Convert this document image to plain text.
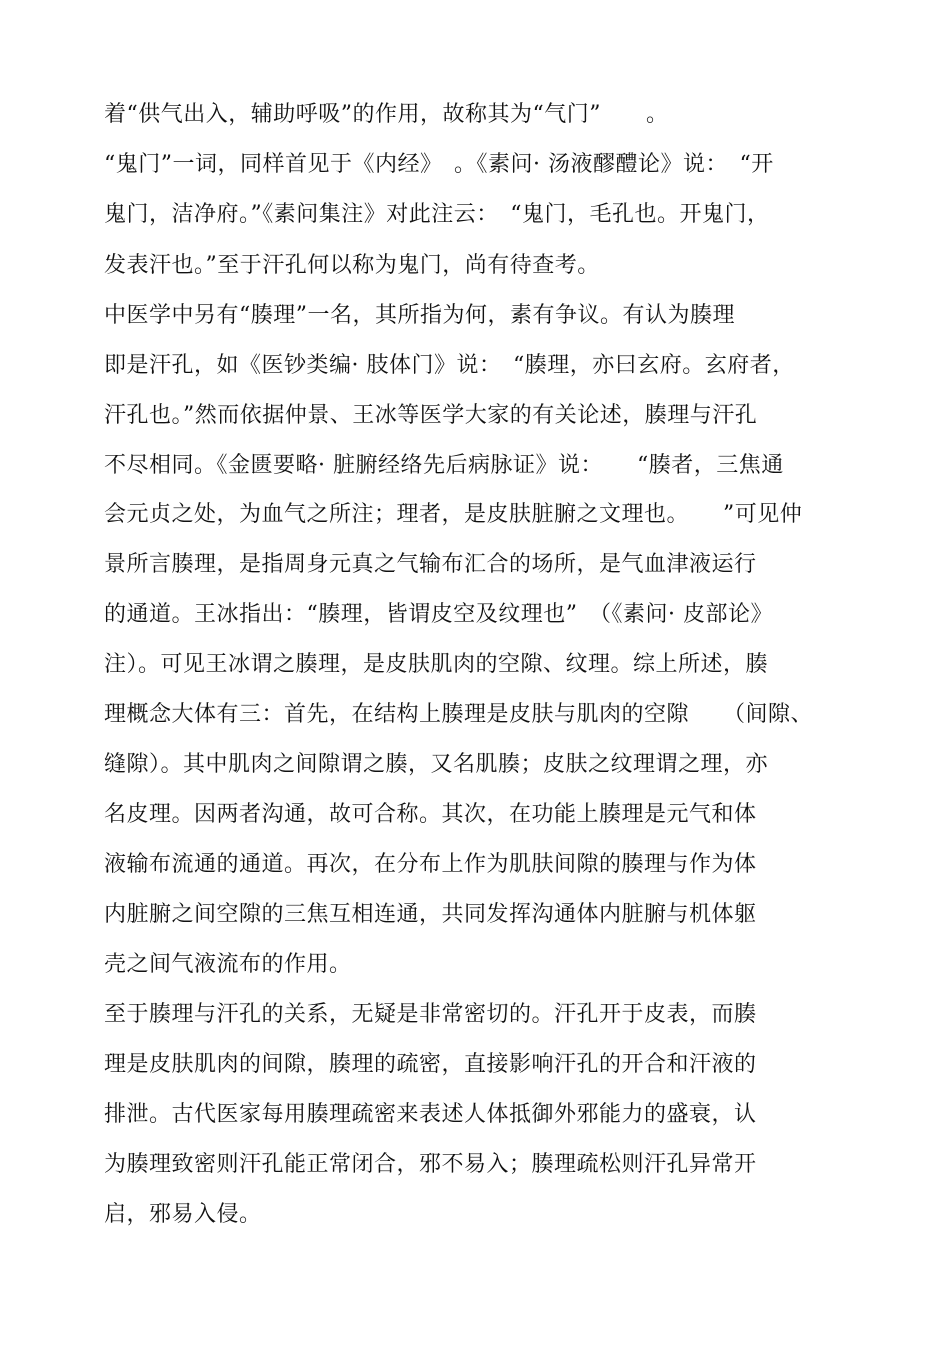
着“供气出入，辅助呼吸”的作用，故称其为“气门”　　。
“鬼门”一词，同样首见于《内经》　。《素问· 汤液醪醴论》说：　“开
鬼门，洁净府。”《素问集注》对此注云：　“鬼门，毛孔也。开鬼门，
发表汗也。”至于汗孔何以称为鬼门，尚有待查考。
中医学中另有“腠理”一名，其所指为何，素有争议。有认为腠理
即是汗孔，如《医钞类编· 肢体门》说：　“腠理，亦曰玄府。玄府者，
汗孔也。”然而依据仲景、王冰等医学大家的有关论述，腠理与汗孔
不尽相同。《金匮要略· 脏腑经络先后病脉证》说：　　“腠者，三焦通
会元贞之处，为血气之所注；理者，是皮肤脏腑之文理也。　　”可见仲
景所言腠理，是指周身元真之气输布汇合的场所，是气血津液运行
的通道。王冰指出：“腠理，皆谓皮空及纹理也”　（《素问· 皮部论》
注）。可见王冰谓之腠理，是皮肤肌肉的空隙、纹理。综上所述，腠
理概念大体有三：首先，在结构上腠理是皮肤与肌肉的空隙　　（间隙、
缝隙）。其中肌肉之间隙谓之腠，又名肌腠；皮肤之纹理谓之理，亦
名皮理。因两者沟通，故可合称。其次，在功能上腠理是元气和体
液输布流通的通道。再次，在分布上作为肌肤间隙的腠理与作为体
内脏腑之间空隙的三焦互相连通，共同发挥沟通体内脏腑与机体躯
壳之间气液流布的作用。
至于腠理与汗孔的关系，无疑是非常密切的。汗孔开于皮表，而腠
理是皮肤肌肉的间隙，腠理的疏密，直接影响汗孔的开合和汗液的
排泄。古代医家每用腠理疏密来表述人体抵御外邪能力的盛衰，认
为腠理致密则汗孔能正常闭合，邪不易入；腠理疏松则汗孔异常开
启，邪易入侵。
